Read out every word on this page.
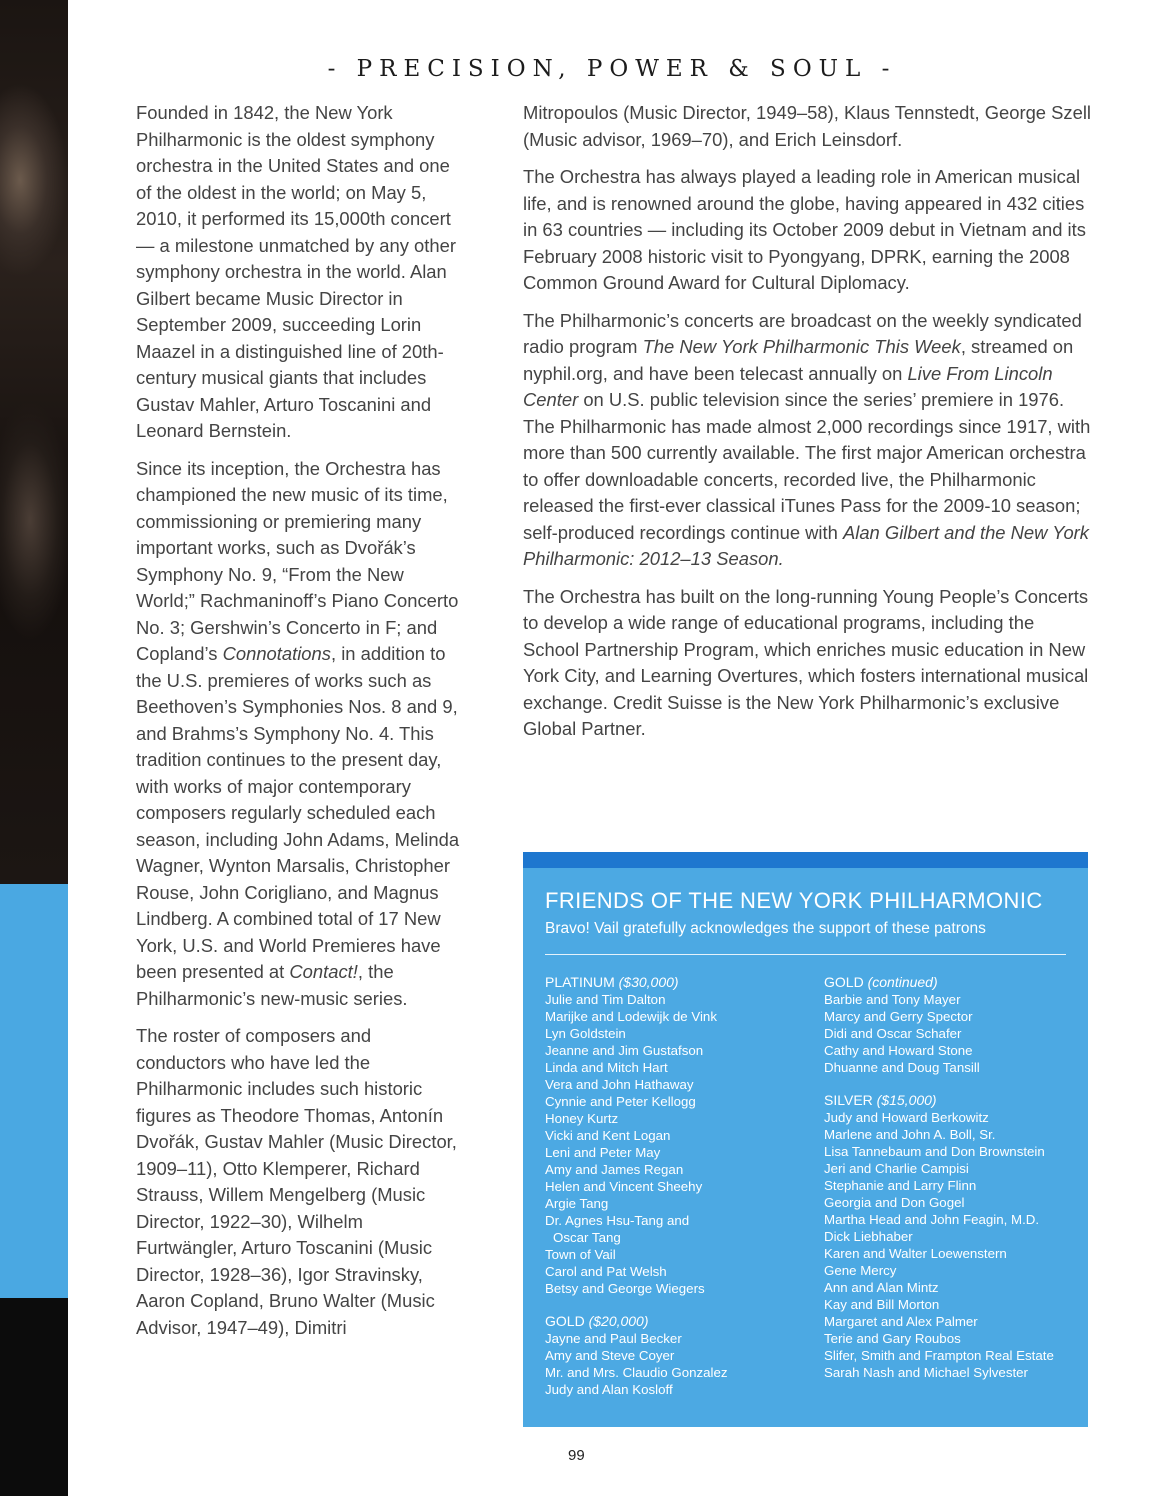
- PRECISION, POWER & SOUL -

Founded in 1842, the New York Philharmonic is the oldest symphony orchestra in the United States and one of the oldest in the world; on May 5, 2010, it performed its 15,000th concert — a milestone unmatched by any other symphony orchestra in the world. Alan Gilbert became Music Director in September 2009, succeeding Lorin Maazel in a distinguished line of 20th-century musical giants that includes Gustav Mahler, Arturo Toscanini and Leonard Bernstein.

Since its inception, the Orchestra has championed the new music of its time, commissioning or premiering many important works, such as Dvořák’s Symphony No. 9, “From the New World;” Rachmaninoff’s Piano Concerto No. 3; Gershwin’s Concerto in F; and Copland’s Connotations, in addition to the U.S. premieres of works such as Beethoven’s Symphonies Nos. 8 and 9, and Brahms’s Symphony No. 4. This tradition continues to the present day, with works of major contemporary composers regularly scheduled each season, including John Adams, Melinda Wagner, Wynton Marsalis, Christopher Rouse, John Corigliano, and Magnus Lindberg. A combined total of 17 New York, U.S. and World Premieres have been presented at Contact!, the Philharmonic’s new-music series.

The roster of composers and conductors who have led the Philharmonic includes such historic figures as Theodore Thomas, Antonín Dvořák, Gustav Mahler (Music Director, 1909–11), Otto Klemperer, Richard Strauss, Willem Mengelberg (Music Director, 1922–30), Wilhelm Furtwängler, Arturo Toscanini (Music Director, 1928–36), Igor Stravinsky, Aaron Copland, Bruno Walter (Music Advisor, 1947–49), Dimitri

Mitropoulos (Music Director, 1949–58), Klaus Tennstedt, George Szell (Music advisor, 1969–70), and Erich Leinsdorf.

The Orchestra has always played a leading role in American musical life, and is renowned around the globe, having appeared in 432 cities in 63 countries — including its October 2009 debut in Vietnam and its February 2008 historic visit to Pyongyang, DPRK, earning the 2008 Common Ground Award for Cultural Diplomacy.

The Philharmonic’s concerts are broadcast on the weekly syndicated radio program The New York Philharmonic This Week, streamed on nyphil.org, and have been telecast annually on Live From Lincoln Center on U.S. public television since the series’ premiere in 1976. The Philharmonic has made almost 2,000 recordings since 1917, with more than 500 currently available. The first major American orchestra to offer downloadable concerts, recorded live, the Philharmonic released the first-ever classical iTunes Pass for the 2009-10 season; self-produced recordings continue with Alan Gilbert and the New York Philharmonic: 2012–13 Season.

The Orchestra has built on the long-running Young People’s Concerts to develop a wide range of educational programs, including the School Partnership Program, which enriches music education in New York City, and Learning Overtures, which fosters international musical exchange. Credit Suisse is the New York Philharmonic’s exclusive Global Partner.

FRIENDS OF THE NEW YORK PHILHARMONIC
Bravo! Vail gratefully acknowledges the support of these patrons
PLATINUM ($30,000)
Julie and Tim Dalton
Marijke and Lodewijk de Vink
Lyn Goldstein
Jeanne and Jim Gustafson
Linda and Mitch Hart
Vera and John Hathaway
Cynnie and Peter Kellogg
Honey Kurtz
Vicki and Kent Logan
Leni and Peter May
Amy and James Regan
Helen and Vincent Sheehy
Argie Tang
Dr. Agnes Hsu-Tang and
Oscar Tang
Town of Vail
Carol and Pat Welsh
Betsy and George Wiegers
GOLD ($20,000)
Jayne and Paul Becker
Amy and Steve Coyer
Mr. and Mrs. Claudio Gonzalez
Judy and Alan Kosloff
GOLD (continued)
Barbie and Tony Mayer
Marcy and Gerry Spector
Didi and Oscar Schafer
Cathy and Howard Stone
Dhuanne and Doug Tansill
SILVER ($15,000)
Judy and Howard Berkowitz
Marlene and John A. Boll, Sr.
Lisa Tannebaum and Don Brownstein
Jeri and Charlie Campisi
Stephanie and Larry Flinn
Georgia and Don Gogel
Martha Head and John Feagin, M.D.
Dick Liebhaber
Karen and Walter Loewenstern
Gene Mercy
Ann and Alan Mintz
Kay and Bill Morton
Margaret and Alex Palmer
Terie and Gary Roubos
Slifer, Smith and Frampton Real Estate
Sarah Nash and Michael Sylvester
99
